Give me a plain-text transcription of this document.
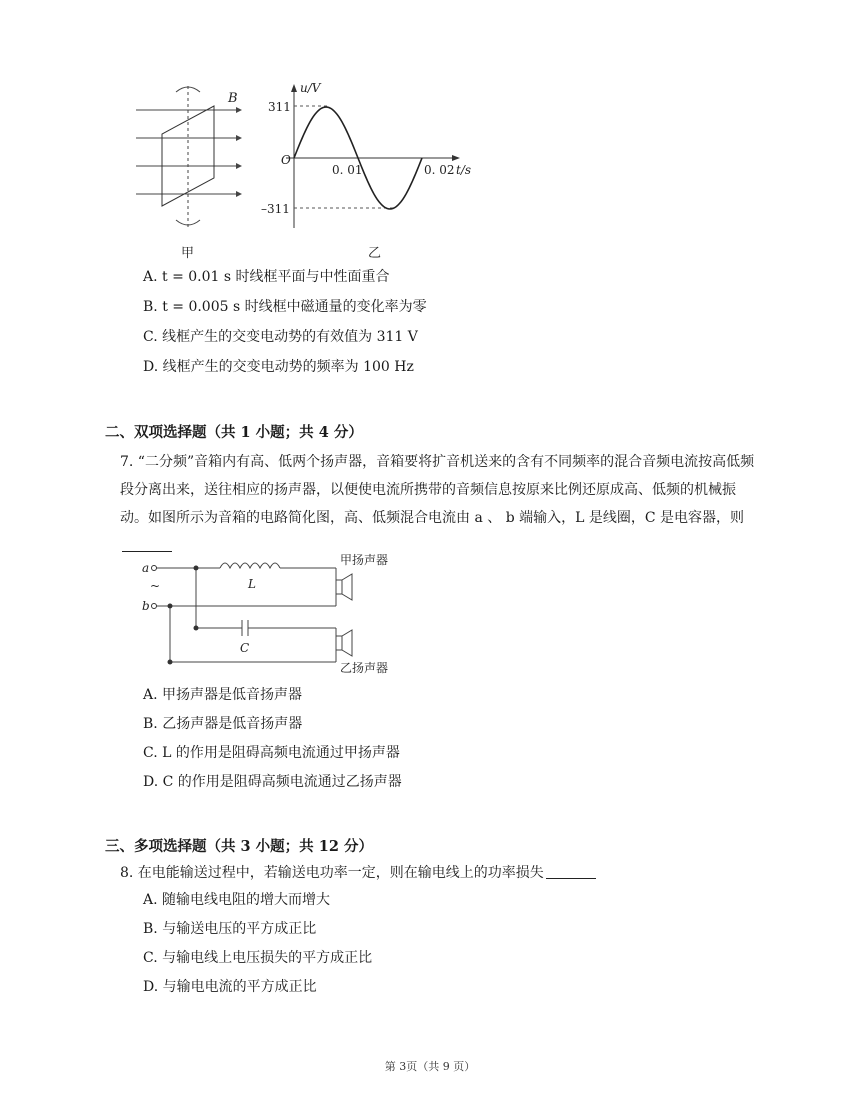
B
甲
u/V
311
–311
O
0. 01	0. 02 t/s
乙
A. t = 0.01 s 时线框平面与中性面重合
B. t = 0.005 s 时线框中磁通量的变化率为零
C. 线框产生的交变电动势的有效值为 311 V
D. 线框产生的交变电动势的频率为 100 Hz
二、双项选择题（共 1 小题；共 4 分）
7. “二分频”音箱内有高、低两个扬声器，音箱要将扩音机送来的含有不同频率的混合音频电流按高低频段分离出来，送往相应的扬声器，以便使电流所携带的音频信息按原来比例还原成高、低频的机械振动。如图所示为音箱的电路简化图，高、低频混合电流由 a 、 b 端输入，L 是线圈，C 是电容器，则
a
~
b
L
C
甲扬声器
乙扬声器
A. 甲扬声器是低音扬声器
B. 乙扬声器是低音扬声器
C. L 的作用是阻碍高频电流通过甲扬声器
D. C 的作用是阻碍高频电流通过乙扬声器
三、多项选择题（共 3 小题；共 12 分）
8. 在电能输送过程中，若输送电功率一定，则在输电线上的功率损失
A. 随输电线电阻的增大而增大
B. 与输送电压的平方成正比
C. 与输电线上电压损失的平方成正比
D. 与输电电流的平方成正比
第 3页（共 9 页）
